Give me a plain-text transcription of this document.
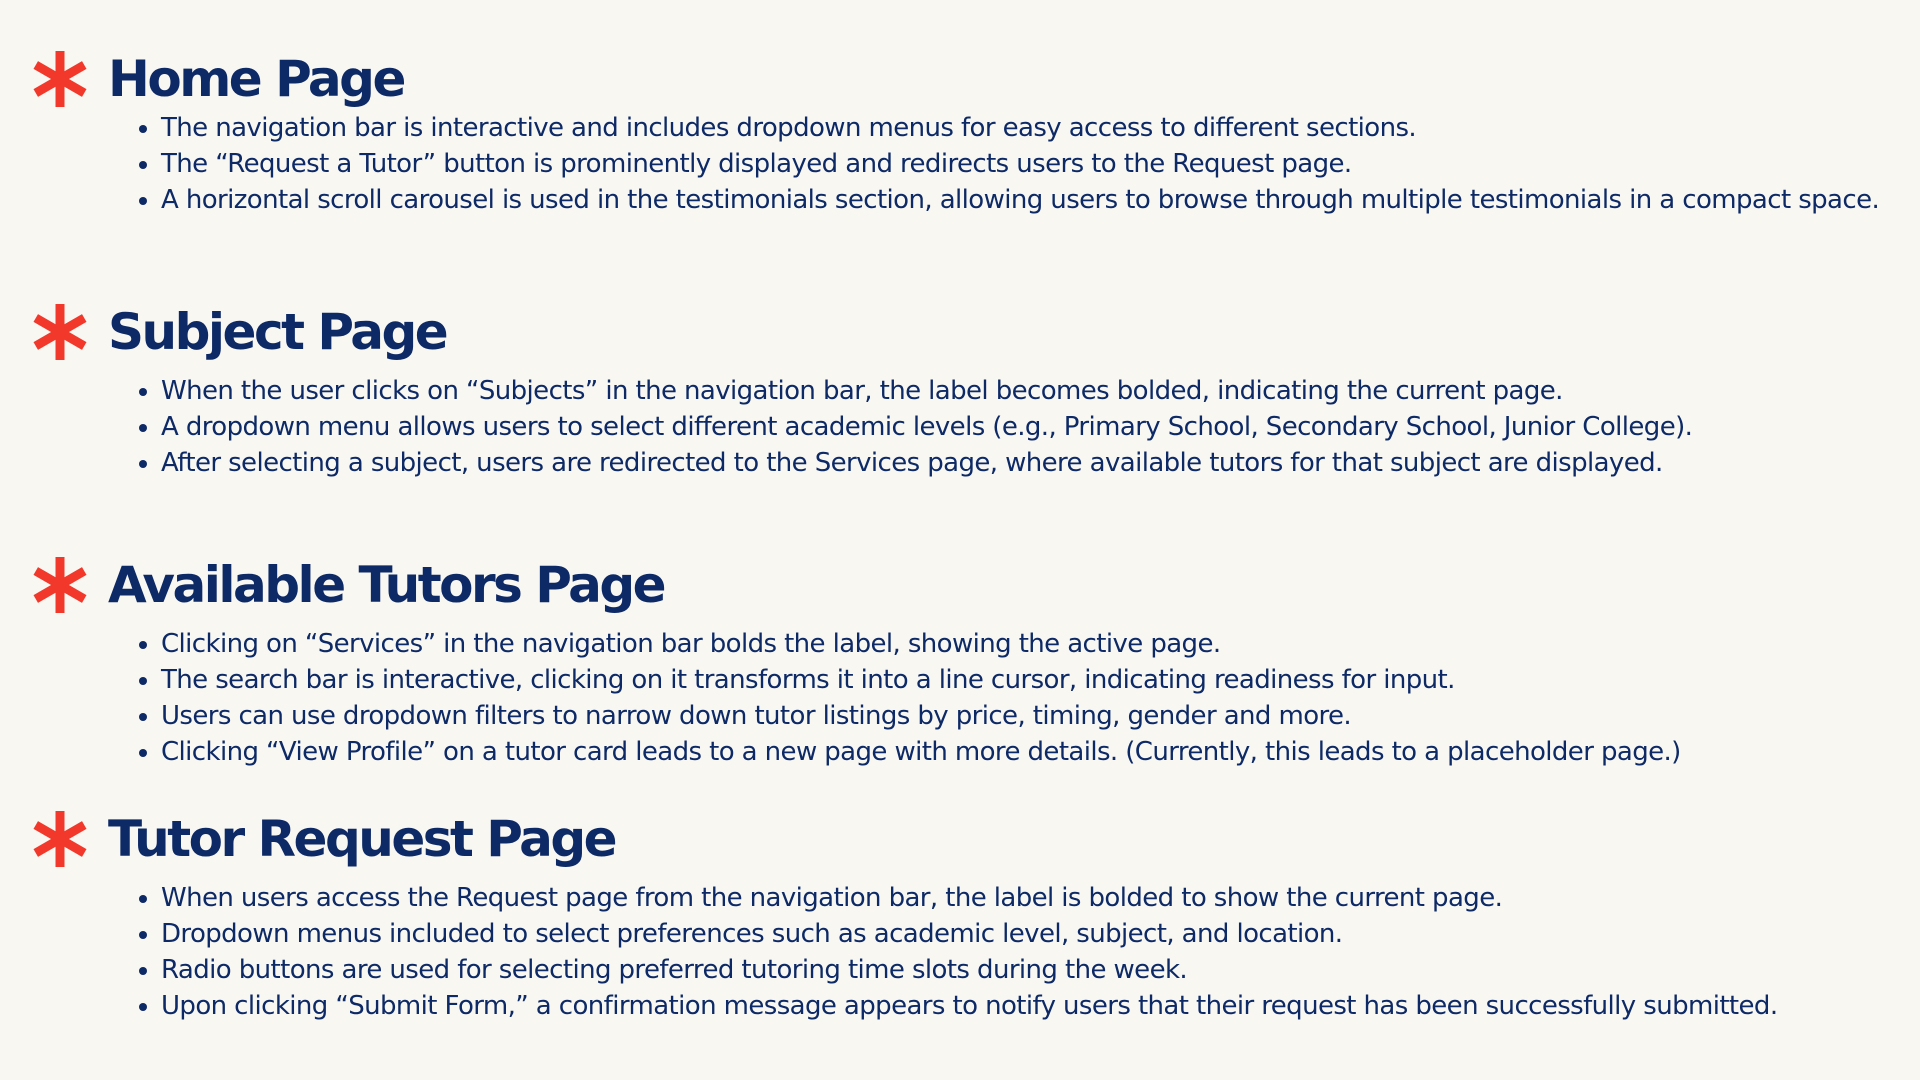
Home Page
The navigation bar is interactive and includes dropdown menus for easy access to different sections.
The “Request a Tutor” button is prominently displayed and redirects users to the Request page.
A horizontal scroll carousel is used in the testimonials section, allowing users to browse through multiple testimonials in a compact space.
Subject Page
When the user clicks on “Subjects” in the navigation bar, the label becomes bolded, indicating the current page.
A dropdown menu allows users to select different academic levels (e.g., Primary School, Secondary School, Junior College).
After selecting a subject, users are redirected to the Services page, where available tutors for that subject are displayed.
Available Tutors Page
Clicking on “Services” in the navigation bar bolds the label, showing the active page.
The search bar is interactive, clicking on it transforms it into a line cursor, indicating readiness for input.
Users can use dropdown filters to narrow down tutor listings by price, timing, gender and more.
Clicking “View Profile” on a tutor card leads to a new page with more details. (Currently, this leads to a placeholder page.)
Tutor Request Page
When users access the Request page from the navigation bar, the label is bolded to show the current page.
Dropdown menus included to select preferences such as academic level, subject, and location.
Radio buttons are used for selecting preferred tutoring time slots during the week.
Upon clicking “Submit Form,” a confirmation message appears to notify users that their request has been successfully submitted.
